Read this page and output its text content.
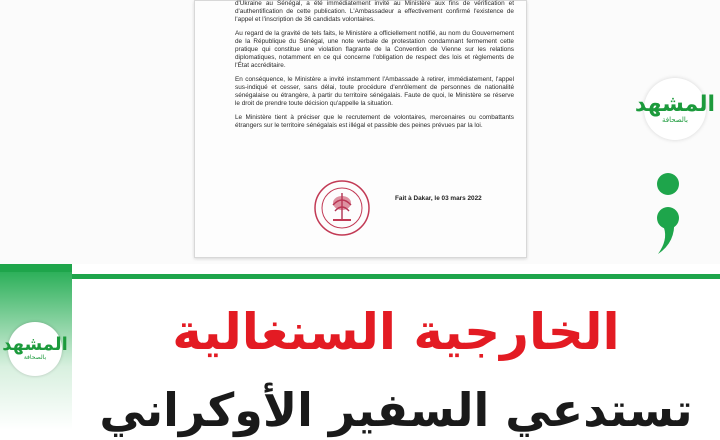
d'Ukraine au Sénégal, a été immédiatement invité au Ministère aux fins de vérification et d'authentification de cette publication. L'Ambassadeur a effectivement confirmé l'existence de l'appel et l'inscription de 36 candidats volontaires.

Au regard de la gravité de tels faits, le Ministère a officiellement notifié, au nom du Gouvernement de la République du Sénégal, une note verbale de protestation condamnant fermement cette pratique qui constitue une violation flagrante de la Convention de Vienne sur les relations diplomatiques, notamment en ce qui concerne l'obligation de respect des lois et règlements de l'État accréditaire.

En conséquence, le Ministère a invité instamment l'Ambassade à retirer, immédiatement, l'appel sus-indiqué et cesser, sans délai, toute procédure d'enrôlement de personnes de nationalité sénégalaise ou étrangère, à partir du territoire sénégalais. Faute de quoi, le Ministère se réserve le droit de prendre toute décision qu'appelle la situation.

Le Ministère tient à préciser que le recrutement de volontaires, mercenaires ou combattants étrangers sur le territoire sénégalais est illégal et passible des peines prévues par la loi.

Fait à Dakar, le 03 mars 2022
المشهد
بالصحافة
المشهد
بالصحافة	الخارجية السنغالية
تستدعي السفير الأوكراني
